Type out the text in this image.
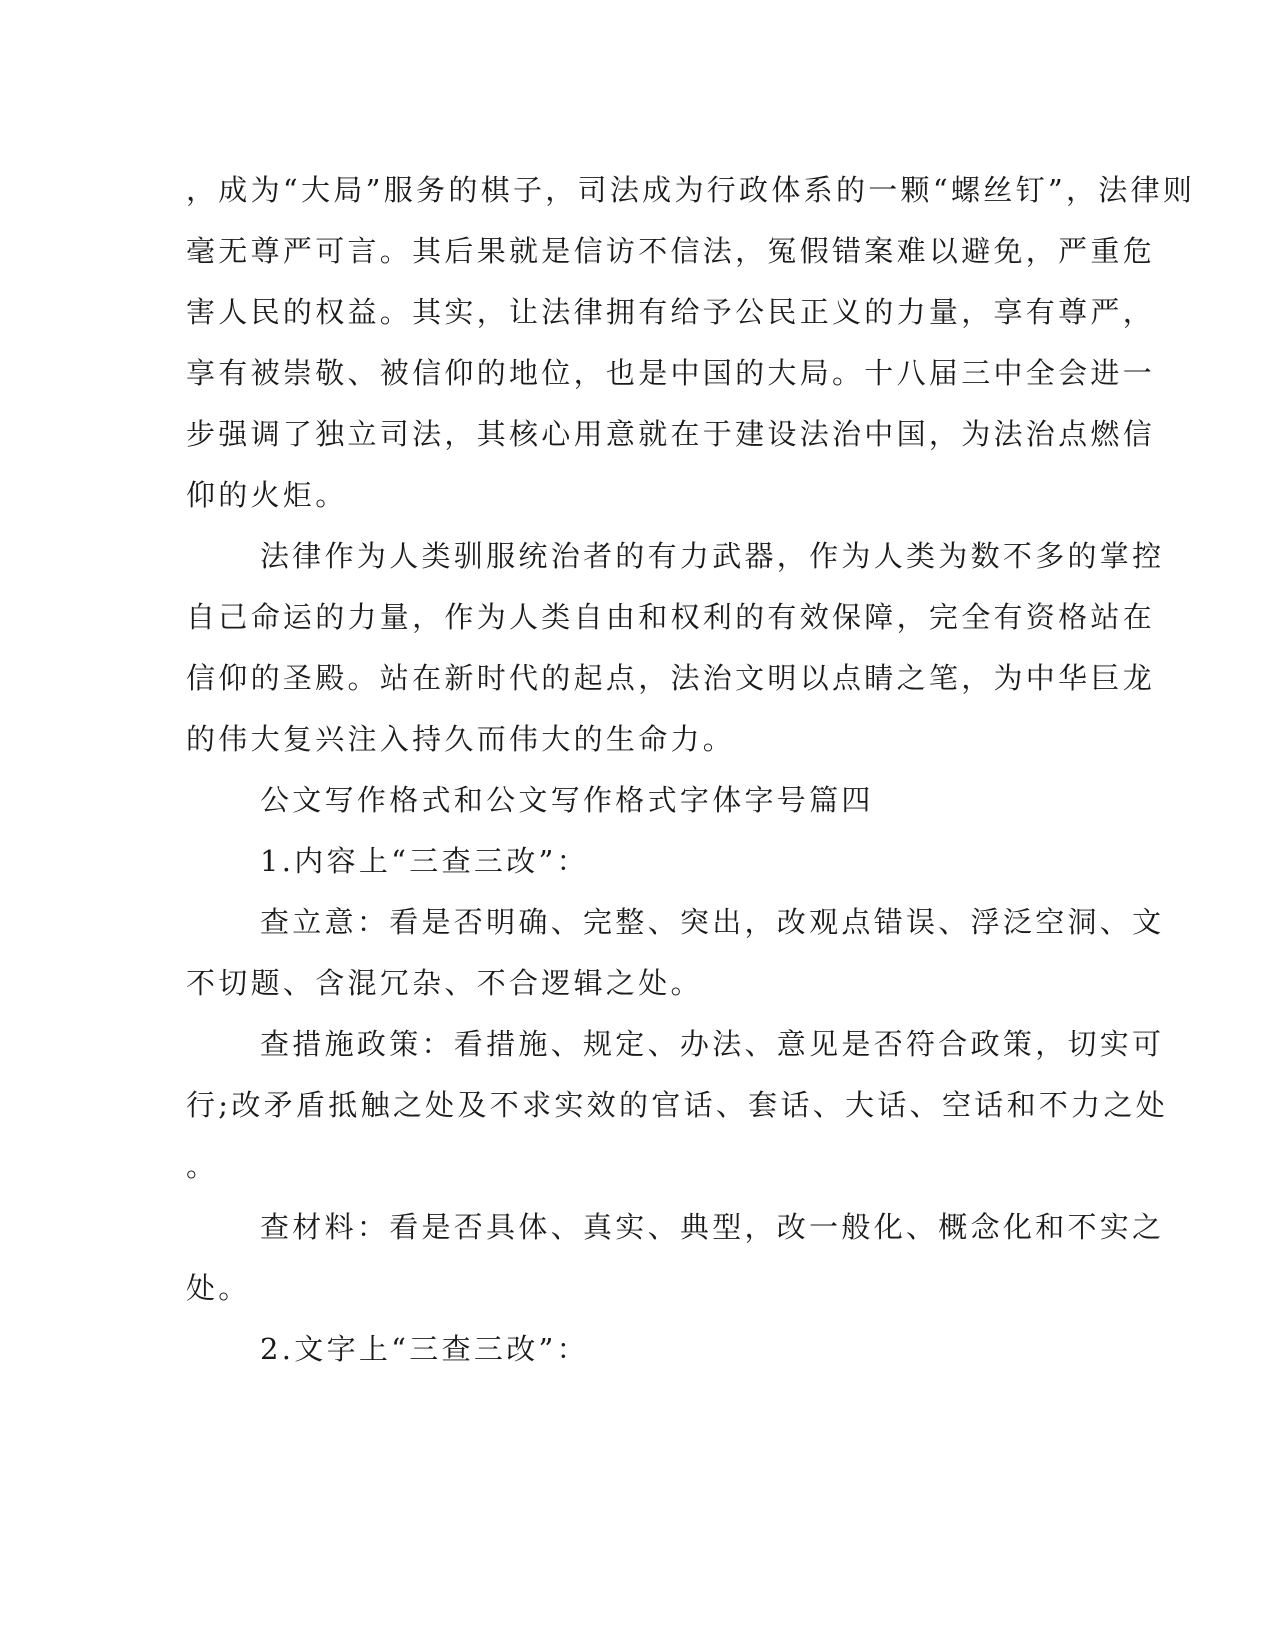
，成为“大局”服务的棋子，司法成为行政体系的一颗“螺丝钉”，法律则
毫无尊严可言。其后果就是信访不信法，冤假错案难以避免，严重危
害人民的权益。其实，让法律拥有给予公民正义的力量，享有尊严，
享有被崇敬、被信仰的地位，也是中国的大局。十八届三中全会进一
步强调了独立司法，其核心用意就在于建设法治中国，为法治点燃信
仰的火炬。
法律作为人类驯服统治者的有力武器，作为人类为数不多的掌控
自己命运的力量，作为人类自由和权利的有效保障，完全有资格站在
信仰的圣殿。站在新时代的起点，法治文明以点睛之笔，为中华巨龙
的伟大复兴注入持久而伟大的生命力。
公文写作格式和公文写作格式字体字号篇四
1.内容上“三查三改”：
查立意：看是否明确、完整、突出，改观点错误、浮泛空洞、文
不切题、含混冗杂、不合逻辑之处。
查措施政策：看措施、规定、办法、意见是否符合政策，切实可
行;改矛盾抵触之处及不求实效的官话、套话、大话、空话和不力之处
。
查材料：看是否具体、真实、典型，改一般化、概念化和不实之
处。
2.文字上“三查三改”：
